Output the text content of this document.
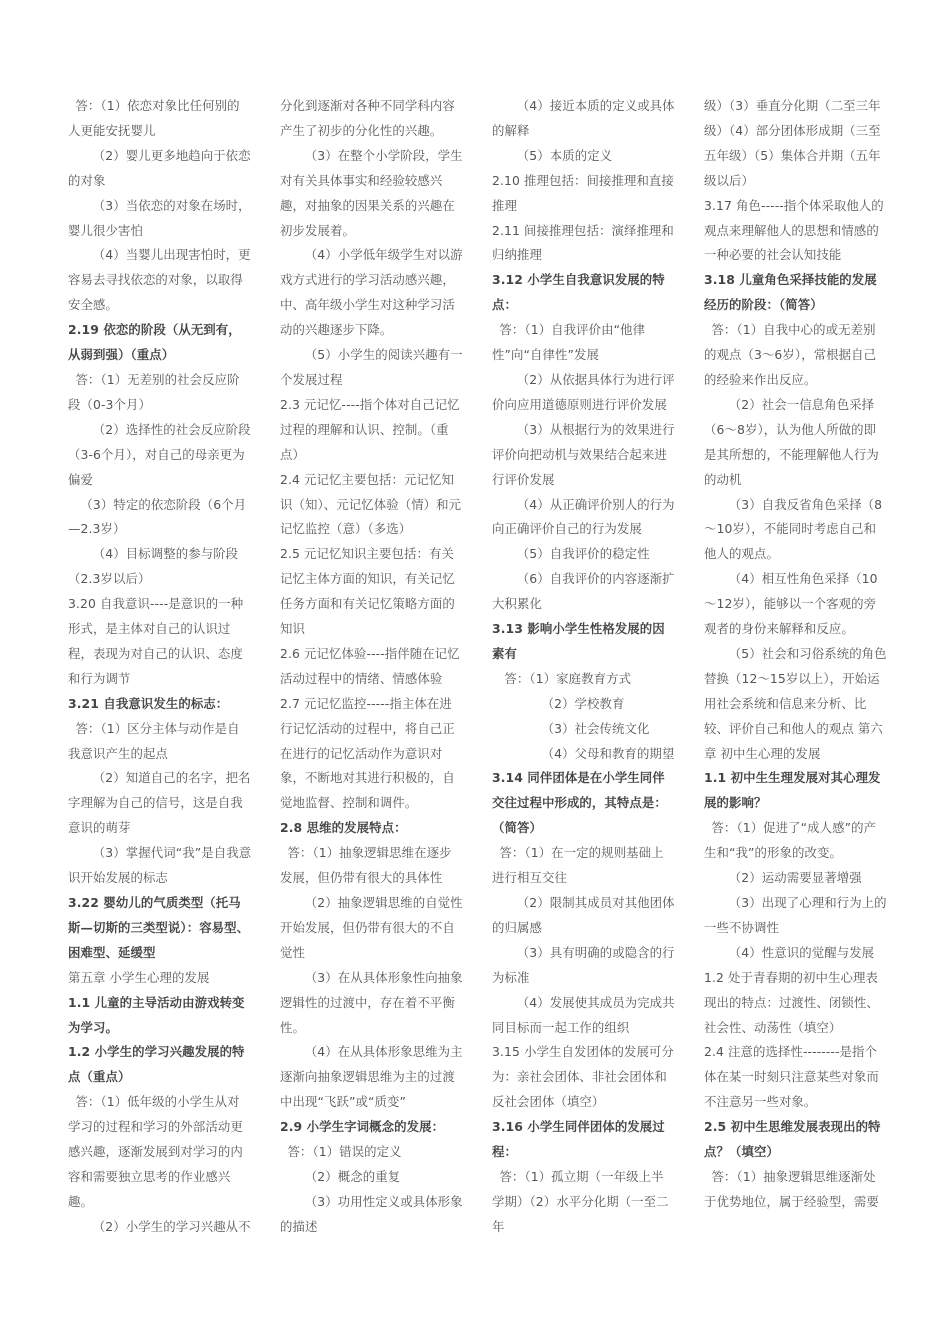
答：（1）依恋对象比任何别的人更能安抚婴儿

（2）婴儿更多地趋向于依恋的对象

（3）当依恋的对象在场时，婴儿很少害怕

（4）当婴儿出现害怕时，更容易去寻找依恋的对象，以取得安全感。

2.19 依恋的阶段（从无到有，从弱到强）（重点）

答：（1）无差别的社会反应阶段（0-3个月）

（2）选择性的社会反应阶段（3-6个月），对自己的母亲更为偏爱

（3）特定的依恋阶段（6个月—2.3岁）

（4）目标调整的参与阶段（2.3岁以后）

3.20 自我意识----是意识的一种形式，是主体对自己的认识过程，表现为对自己的认识、态度和行为调节

3.21 自我意识发生的标志：

答：（1）区分主体与动作是自我意识产生的起点

（2）知道自己的名字，把名字理解为自己的信号，这是自我意识的萌芽

（3）掌握代词“我”是自我意识开始发展的标志

3.22 婴幼儿的气质类型（托马斯—切斯的三类型说）：容易型、困难型、延缓型

第五章 小学生心理的发展

1.1 儿童的主导活动由游戏转变为学习。

1.2 小学生的学习兴趣发展的特点（重点）

答：（1）低年级的小学生从对学习的过程和学习的外部活动更感兴趣，逐渐发展到对学习的内容和需要独立思考的作业感兴趣。

（2）小学生的学习兴趣从不

分化到逐渐对各种不同学科内容产生了初步的分化性的兴趣。

（3）在整个小学阶段，学生对有关具体事实和经验较感兴趣，对抽象的因果关系的兴趣在初步发展着。

（4）小学低年级学生对以游戏方式进行的学习活动感兴趣，中、高年级小学生对这种学习活动的兴趣逐步下降。

（5）小学生的阅读兴趣有一个发展过程

2.3 元记忆----指个体对自己记忆过程的理解和认识、控制。（重点）

2.4 元记忆主要包括：元记忆知识（知）、元记忆体验（情）和元记忆监控（意）（多选）

2.5 元记忆知识主要包括：有关记忆主体方面的知识，有关记忆任务方面和有关记忆策略方面的知识

2.6 元记忆体验----指伴随在记忆活动过程中的情绪、情感体验

2.7 元记忆监控-----指主体在进行记忆活动的过程中，将自己正在进行的记忆活动作为意识对象，不断地对其进行积极的，自觉地监督、控制和调件。

2.8 思维的发展特点：

答：（1）抽象逻辑思维在逐步发展，但仍带有很大的具体性

（2）抽象逻辑思维的自觉性开始发展，但仍带有很大的不自觉性

（3）在从具体形象性向抽象逻辑性的过渡中，存在着不平衡性。

（4）在从具体形象思维为主逐渐向抽象逻辑思维为主的过渡中出现“飞跃”或“质变”

2.9 小学生字词概念的发展：

答：（1）错误的定义

（2）概念的重复

（3）功用性定义或具体形象的描述

（4）接近本质的定义或具体的解释

（5）本质的定义

2.10 推理包括：间接推理和直接推理

2.11 间接推理包括：演绎推理和归纳推理

3.12 小学生自我意识发展的特点：

答：（1）自我评价由“他律性”向“自律性”发展

（2）从依据具体行为进行评价向应用道德原则进行评价发展

（3）从根据行为的效果进行评价向把动机与效果结合起来进行评价发展

（4）从正确评价别人的行为向正确评价自己的行为发展

（5）自我评价的稳定性

（6）自我评价的内容逐渐扩大积累化

3.13 影响小学生性格发展的因素有

答：（1）家庭教育方式

（2）学校教育

（3）社会传统文化

（4）父母和教育的期望

3.14 同伴团体是在小学生同伴交往过程中形成的，其特点是：（简答）

答：（1）在一定的规则基础上进行相互交往

（2）限制其成员对其他团体的归属感

（3）具有明确的或隐含的行为标准

（4）发展使其成员为完成共同目标而一起工作的组织

3.15 小学生自发团体的发展可分为：亲社会团体、非社会团体和反社会团体（填空）

3.16 小学生同伴团体的发展过程：

答：（1）孤立期（一年级上半学期）（2）水平分化期（一至二年

级）（3）垂直分化期（二至三年级）（4）部分团体形成期（三至五年级）（5）集体合并期（五年级以后）

3.17 角色-----指个体采取他人的观点来理解他人的思想和情感的一种必要的社会认知技能

3.18 儿童角色采择技能的发展经历的阶段：（简答）

答：（1）自我中心的或无差别的观点（3～6岁），常根据自己的经验来作出反应。

（2）社会一信息角色采择（6～8岁），认为他人所做的即是其所想的，不能理解他人行为的动机

（3）自我反省角色采择（8～10岁），不能同时考虑自己和他人的观点。

（4）相互性角色采择（10～12岁），能够以一个客观的旁观者的身份来解释和反应。

（5）社会和习俗系统的角色替换（12～15岁以上），开始运用社会系统和信息来分析、比较、评价自己和他人的观点 第六章 初中生心理的发展

1.1 初中生生理发展对其心理发展的影响？

答：（1）促进了“成人感”的产生和“我”的形象的改变。

（2）运动需要显著增强

（3）出现了心理和行为上的一些不协调性

（4）性意识的觉醒与发展

1.2 处于青春期的初中生心理表现出的特点：过渡性、闭锁性、社会性、动荡性（填空）

2.4 注意的选择性--------是指个体在某一时刻只注意某些对象而不注意另一些对象。

2.5 初中生思维发展表现出的特点？（填空）

答：（1）抽象逻辑思维逐渐处于优势地位，属于经验型，需要
